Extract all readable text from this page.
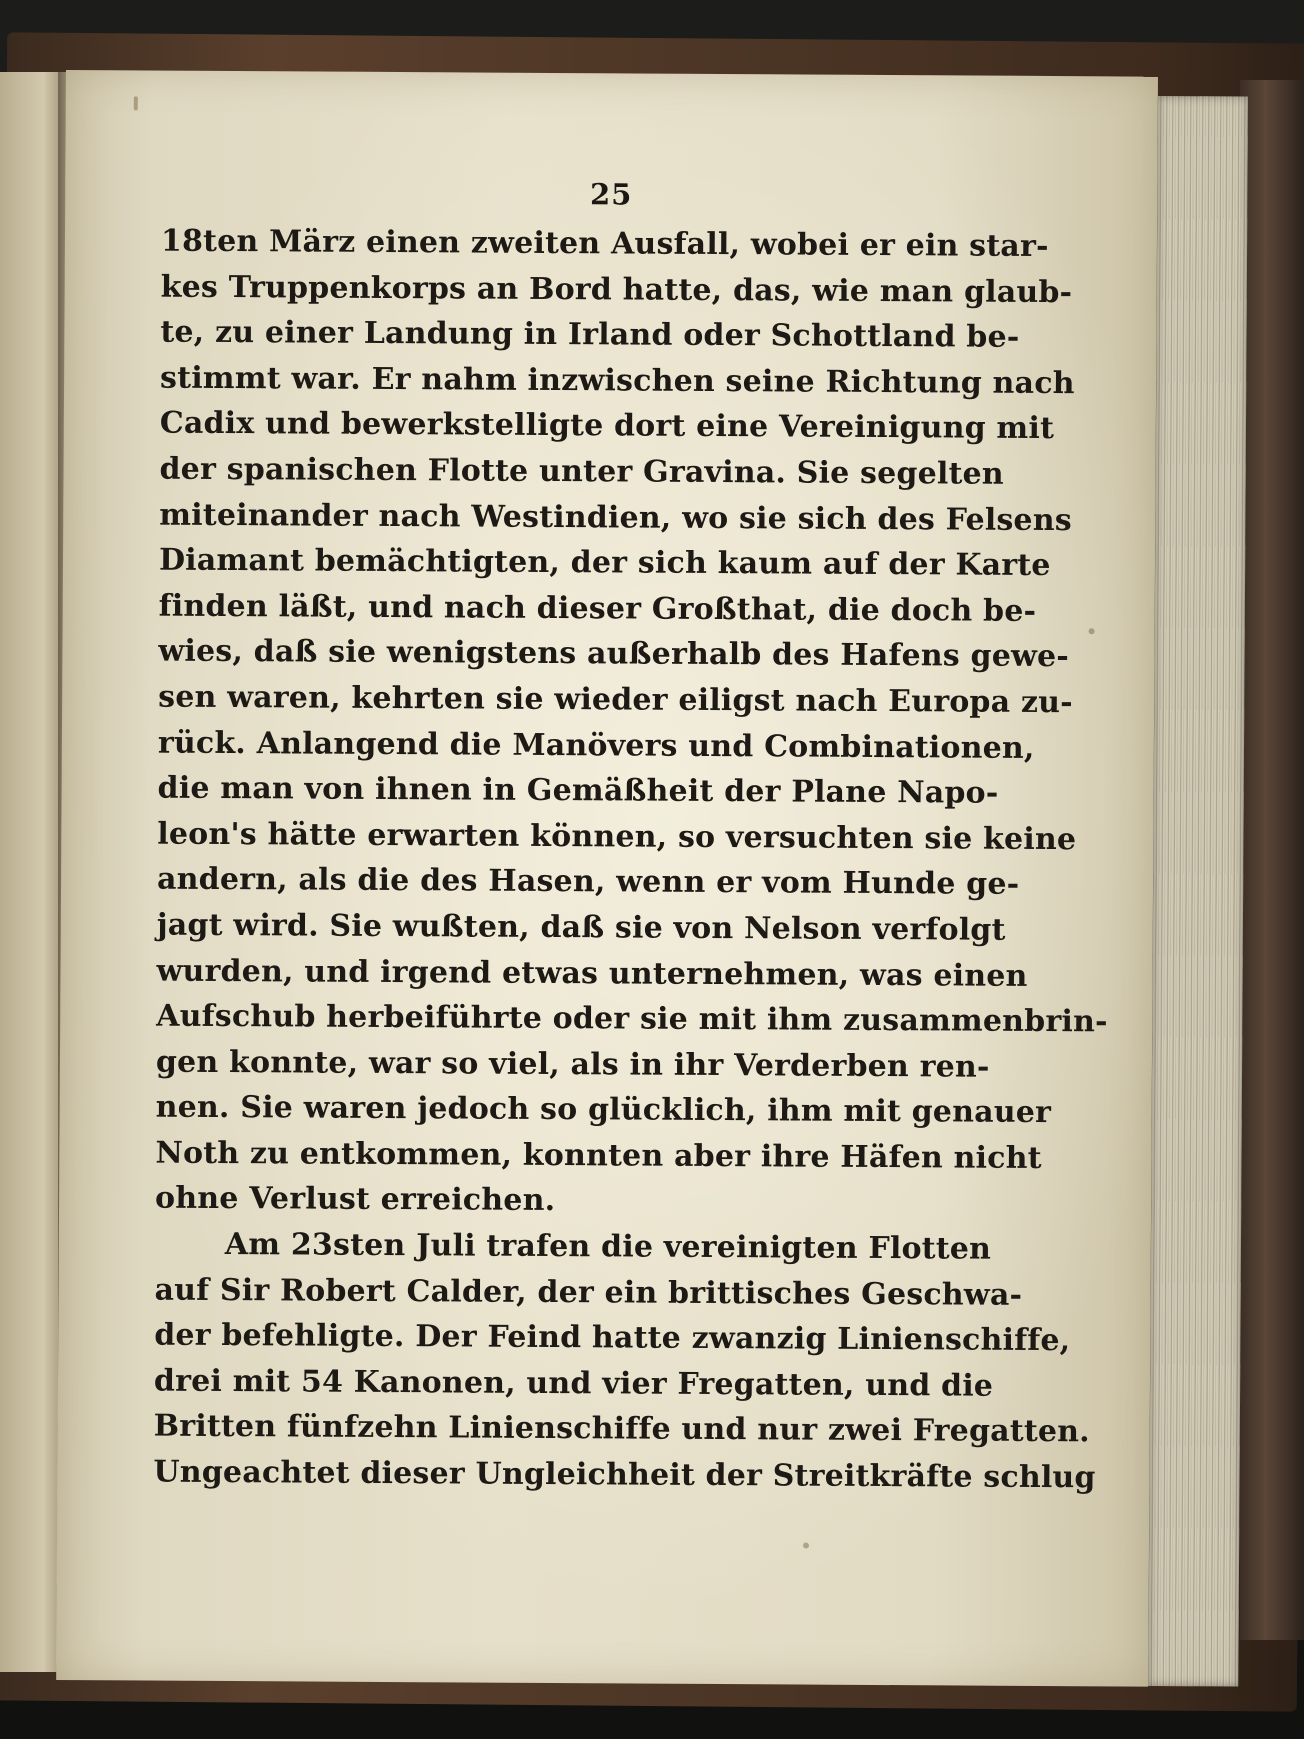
25
18ten März einen zweiten Ausfall, wobei er ein star-
kes Truppenkorps an Bord hatte, das, wie man glaub-
te, zu einer Landung in Irland oder Schottland be-
stimmt war. Er nahm inzwischen seine Richtung nach
Cadix und bewerkstelligte dort eine Vereinigung mit
der spanischen Flotte unter Gravina. Sie segelten
miteinander nach Westindien, wo sie sich des Felsens
Diamant bemächtigten, der sich kaum auf der Karte
finden läßt, und nach dieser Großthat, die doch be-
wies, daß sie wenigstens außerhalb des Hafens gewe-
sen waren, kehrten sie wieder eiligst nach Europa zu-
rück. Anlangend die Manövers und Combinationen,
die man von ihnen in Gemäßheit der Plane Napo-
leon's hätte erwarten können, so versuchten sie keine
andern, als die des Hasen, wenn er vom Hunde ge-
jagt wird. Sie wußten, daß sie von Nelson verfolgt
wurden, und irgend etwas unternehmen, was einen
Aufschub herbeiführte oder sie mit ihm zusammenbrin-
gen konnte, war so viel, als in ihr Verderben ren-
nen. Sie waren jedoch so glücklich, ihm mit genauer
Noth zu entkommen, konnten aber ihre Häfen nicht
ohne Verlust erreichen.
Am 23sten Juli trafen die vereinigten Flotten
auf Sir Robert Calder, der ein brittisches Geschwa-
der befehligte. Der Feind hatte zwanzig Linienschiffe,
drei mit 54 Kanonen, und vier Fregatten, und die
Britten fünfzehn Linienschiffe und nur zwei Fregatten.
Ungeachtet dieser Ungleichheit der Streitkräfte schlug
